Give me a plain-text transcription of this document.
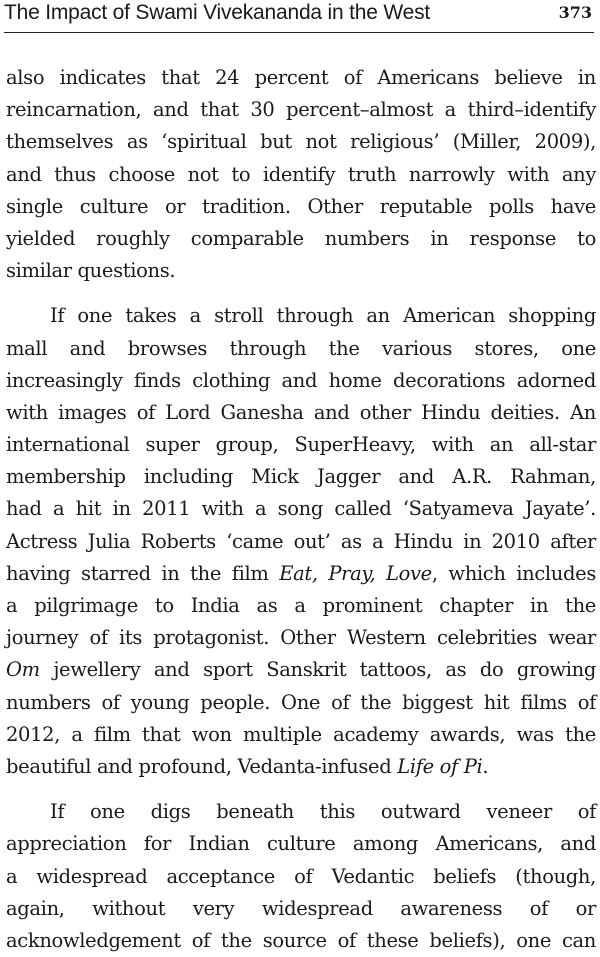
The Impact of Swami Vivekananda in the West	373
also indicates that 24 percent of Americans believe in
reincarnation, and that 30 percent–almost a third–identify
themselves as ‘spiritual but not religious’ (Miller, 2009),
and thus choose not to identify truth narrowly with any
single culture or tradition. Other reputable polls have
yielded roughly comparable numbers in response to
similar questions.
If one takes a stroll through an American shopping
mall and browses through the various stores, one
increasingly finds clothing and home decorations adorned
with images of Lord Ganesha and other Hindu deities. An
international super group, SuperHeavy, with an all-star
membership including Mick Jagger and A.R. Rahman,
had a hit in 2011 with a song called ‘Satyameva Jayate’.
Actress Julia Roberts ‘came out’ as a Hindu in 2010 after
having starred in the film Eat, Pray, Love, which includes
a pilgrimage to India as a prominent chapter in the
journey of its protagonist. Other Western celebrities wear
Om jewellery and sport Sanskrit tattoos, as do growing
numbers of young people. One of the biggest hit films of
2012, a film that won multiple academy awards, was the
beautiful and profound, Vedanta-infused Life of Pi.
If one digs beneath this outward veneer of
appreciation for Indian culture among Americans, and
a widespread acceptance of Vedantic beliefs (though,
again, without very widespread awareness of or
acknowledgement of the source of these beliefs), one can
